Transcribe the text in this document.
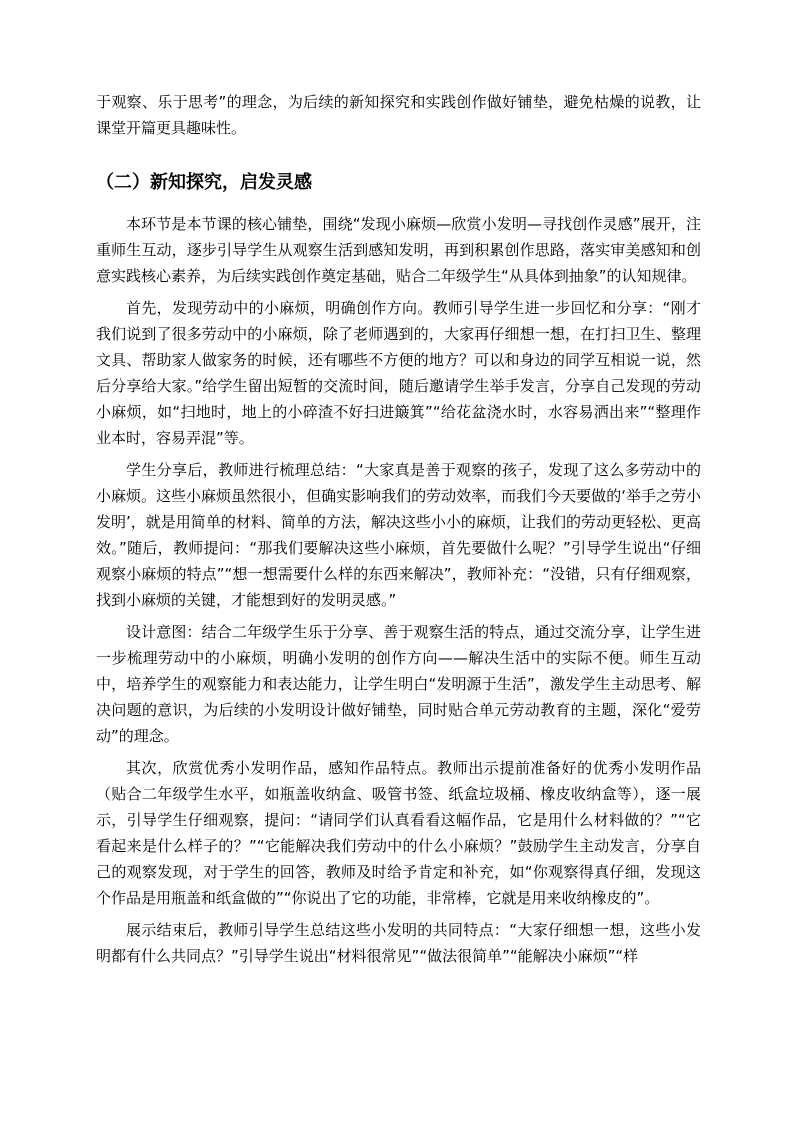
于观察、乐于思考”的理念，为后续的新知探究和实践创作做好铺垫，避免枯燥的说教，让课堂开篇更具趣味性。

（二）新知探究，启发灵感

本环节是本节课的核心铺垫，围绕“发现小麻烦—欣赏小发明—寻找创作灵感”展开，注重师生互动，逐步引导学生从观察生活到感知发明，再到积累创作思路，落实审美感知和创意实践核心素养，为后续实践创作奠定基础，贴合二年级学生“从具体到抽象”的认知规律。

首先，发现劳动中的小麻烦，明确创作方向。教师引导学生进一步回忆和分享：“刚才我们说到了很多劳动中的小麻烦，除了老师遇到的，大家再仔细想一想，在打扫卫生、整理文具、帮助家人做家务的时候，还有哪些不方便的地方？可以和身边的同学互相说一说，然后分享给大家。”给学生留出短暂的交流时间，随后邀请学生举手发言，分享自己发现的劳动小麻烦，如“扫地时，地上的小碎渣不好扫进簸箕”“给花盆浇水时，水容易洒出来”“整理作业本时，容易弄混”等。

学生分享后，教师进行梳理总结：“大家真是善于观察的孩子，发现了这么多劳动中的小麻烦。这些小麻烦虽然很小，但确实影响我们的劳动效率，而我们今天要做的‘举手之劳小发明’，就是用简单的材料、简单的方法，解决这些小小的麻烦，让我们的劳动更轻松、更高效。”随后，教师提问：“那我们要解决这些小麻烦，首先要做什么呢？”引导学生说出“仔细观察小麻烦的特点”“想一想需要什么样的东西来解决”，教师补充：“没错，只有仔细观察，找到小麻烦的关键，才能想到好的发明灵感。”

设计意图：结合二年级学生乐于分享、善于观察生活的特点，通过交流分享，让学生进一步梳理劳动中的小麻烦，明确小发明的创作方向——解决生活中的实际不便。师生互动中，培养学生的观察能力和表达能力，让学生明白“发明源于生活”，激发学生主动思考、解决问题的意识，为后续的小发明设计做好铺垫，同时贴合单元劳动教育的主题，深化“爱劳动”的理念。

其次，欣赏优秀小发明作品，感知作品特点。教师出示提前准备好的优秀小发明作品（贴合二年级学生水平，如瓶盖收纳盒、吸管书签、纸盒垃圾桶、橡皮收纳盒等），逐一展示，引导学生仔细观察，提问：“请同学们认真看看这幅作品，它是用什么材料做的？”“它看起来是什么样子的？”“它能解决我们劳动中的什么小麻烦？”鼓励学生主动发言，分享自己的观察发现，对于学生的回答，教师及时给予肯定和补充，如“你观察得真仔细，发现这个作品是用瓶盖和纸盒做的”“你说出了它的功能，非常棒，它就是用来收纳橡皮的”。

展示结束后，教师引导学生总结这些小发明的共同特点：“大家仔细想一想，这些小发明都有什么共同点？”引导学生说出“材料很常见”“做法很简单”“能解决小麻烦”“样
